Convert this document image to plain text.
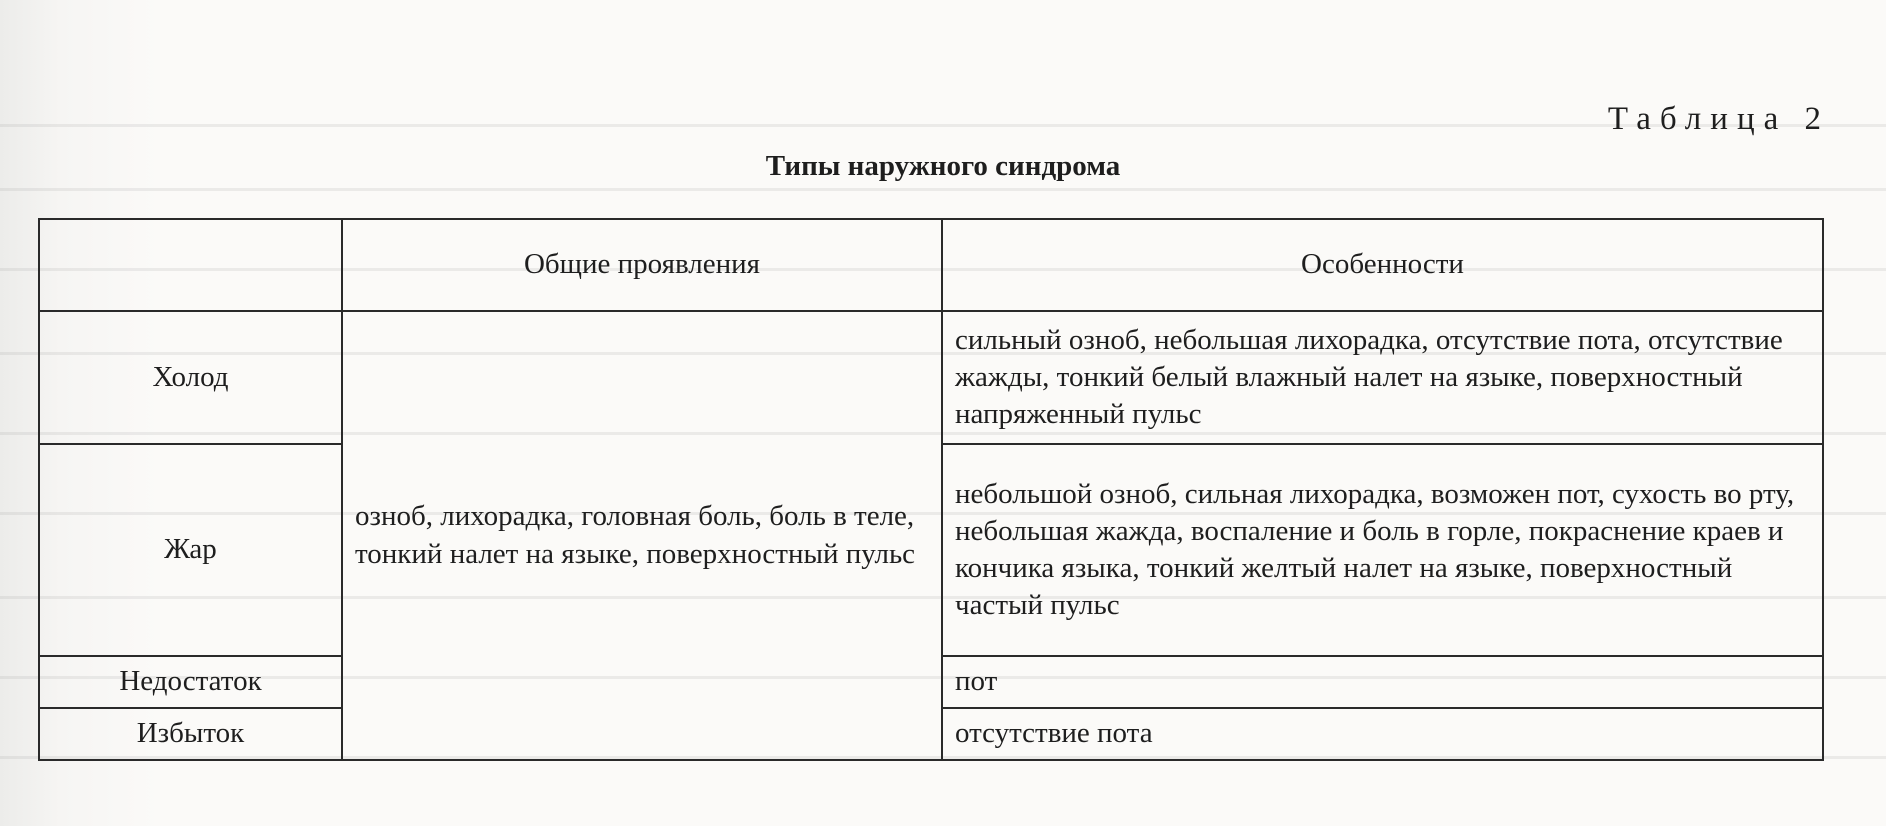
Таблица 2
Типы наружного синдрома
	Общие проявления	Особенности
Холод	озноб, лихорадка, головная боль, боль в теле, тонкий налет на языке, поверхностный пульс	сильный озноб, небольшая лихорадка, отсутствие пота, отсутствие жажды, тонкий белый влажный налет на языке, поверхностный напряженный пульс
Жар		небольшой озноб, сильная лихорадка, возможен пот, сухость во рту, небольшая жажда, воспаление и боль в горле, покраснение краев и кончика языка, тонкий желтый налет на языке, поверхностный частый пульс
Недостаток		пот
Избыток		отсутствие пота
